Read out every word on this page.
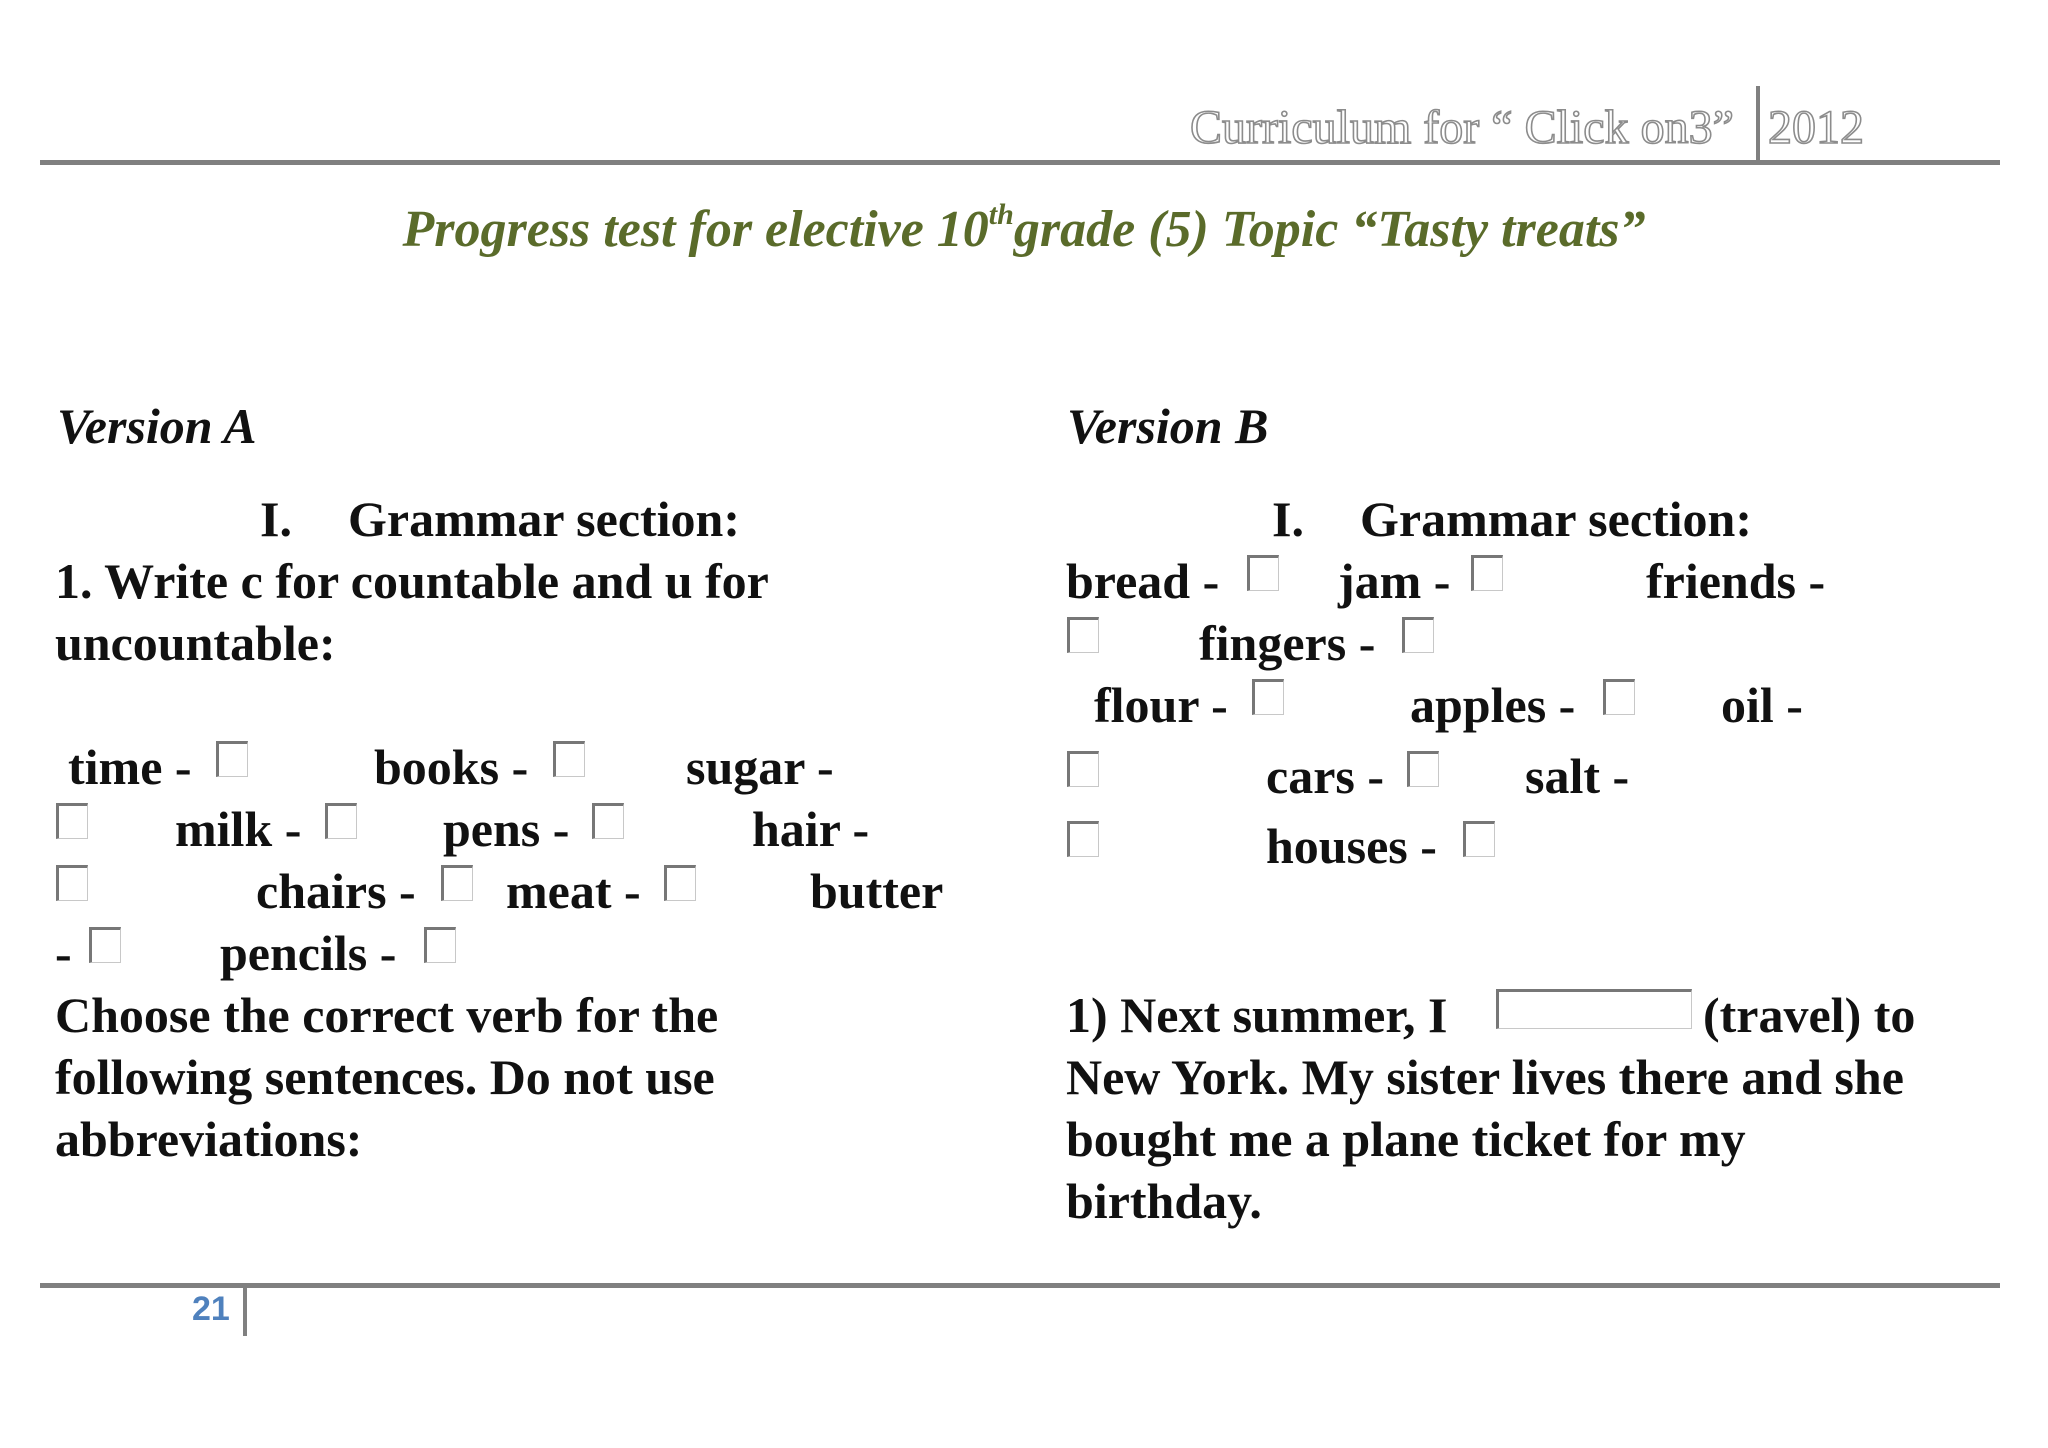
Curriculum for “ Click on3” 2012
Progress test for elective 10thgrade (5) Topic “Tasty treats”
Version A
I. Grammar section:
1. Write c for countable and u for
uncountable:
time -	books -	sugar -
milk -	pens -	hair -
chairs - meat -	butter
-	pencils -
Choose the correct verb for the
following sentences. Do not use
abbreviations:
Version B
I. Grammar section:
bread - jam -	friends -
fingers -
flour -	apples -	oil -
cars -	salt -
houses -
1) Next summer, I	(travel) to
New York. My sister lives there and she
bought me a plane ticket for my
birthday.
21
